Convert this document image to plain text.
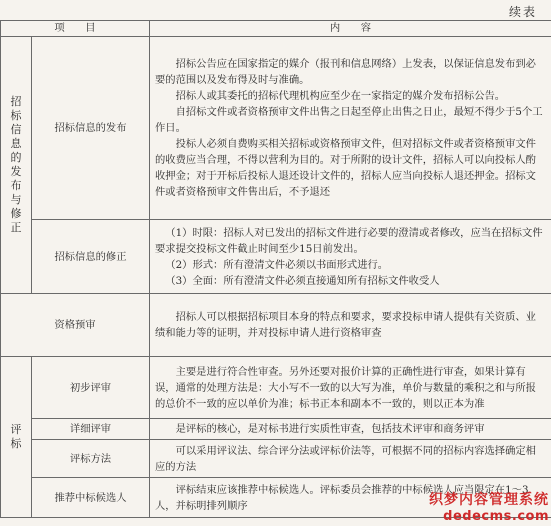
续表
项　　目		内　　容
招标信息的发布与修正	招标信息的发布	招标公告应在国家指定的媒介（报刊和信息网络）上发表，以保证信息发布到必要的范围以及发布得及时与准确。

招标人或其委托的招标代理机构应至少在一家指定的媒介发布招标公告。

自招标文件或者资格预审文件出售之日起至停止出售之日止，最短不得少于5个工作日。

投标人必须自费购买相关招标或资格预审文件，但对招标文件或者资格预审文件的收费应当合理，不得以营利为目的。对于所附的设计文件，招标人可以向投标人酌收押金；对于开标后投标人退还设计文件的，招标人应当向投标人退还押金。招标文件或者资格预审文件售出后，不予退还

	招标信息的修正	（1）时限：招标人对已发出的招标文件进行必要的澄清或者修改，应当在招标文件要求提交投标文件截止时间至少15日前发出。

（2）形式：所有澄清文件必须以书面形式进行。

（3）全面：所有澄清文件必须直接通知所有招标文件收受人

资格预审		招标人可以根据招标项目本身的特点和要求，要求投标申请人提供有关资质、业绩和能力等的证明，并对投标申请人进行资格审查

评标	初步评审	主要是进行符合性审查。另外还要对报价计算的正确性进行审查，如果计算有误，通常的处理方法是：大小写不一致的以大写为准，单价与数量的乘积之和与所报的总价不一致的应以单价为准；标书正本和副本不一致的，则以正本为准

	详细评审	是评标的核心，是对标书进行实质性审查，包括技术评审和商务评审

	评标方法	可以采用评议法、综合评分法或评标价法等，可根据不同的招标内容选择确定相应的方法

	推荐中标候选人	评标结束应该推荐中标候选人。评标委员会推荐的中标候选人应当限定在1～3人，并标明排列顺序	织梦内容管理系统
dedecms.com
